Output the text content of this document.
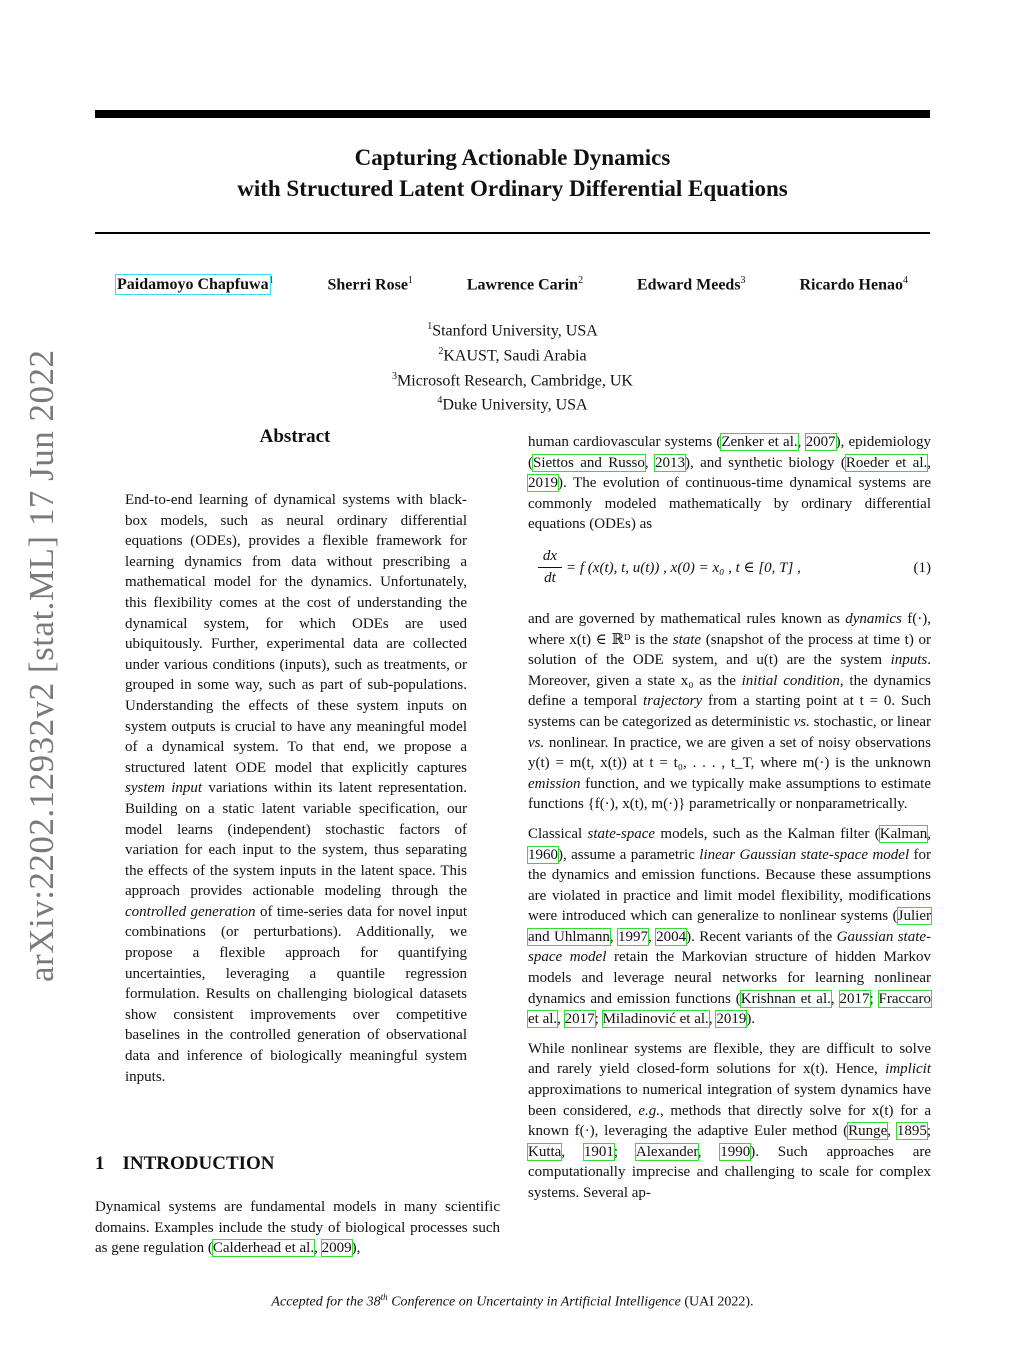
Capturing Actionable Dynamics
with Structured Latent Ordinary Differential Equations
Paidamoyo Chapfuwa$^1$	Sherri Rose$^1$	Lawrence Carin$^2$	Edward Meeds$^3$	Ricardo Henao$^4$
$^1$Stanford University, USA
$^2$KAUST, Saudi Arabia
$^3$Microsoft Research, Cambridge, UK
$^4$Duke University, USA
arXiv:2202.12932v2 [stat.ML] 17 Jun 2022	Abstract
End-to-end learning of dynamical systems with black-box models, such as neural ordinary differential equations (ODEs), provides a flexible framework for learning dynamics from data without prescribing a mathematical model for the dynamics. Unfortunately, this flexibility comes at the cost of understanding the dynamical system, for which ODEs are used ubiquitously. Further, experimental data are collected under various conditions (inputs), such as treatments, or grouped in some way, such as part of sub-populations. Understanding the effects of these system inputs on system outputs is crucial to have any meaningful model of a dynamical system. To that end, we propose a structured latent ODE model that explicitly captures system input variations within its latent representation. Building on a static latent variable specification, our model learns (independent) stochastic factors of variation for each input to the system, thus separating the effects of the system inputs in the latent space. This approach provides actionable modeling through the controlled generation of time-series data for novel input combinations (or perturbations). Additionally, we propose a flexible approach for quantifying uncertainties, leveraging a quantile regression formulation. Results on challenging biological datasets show consistent improvements over competitive baselines in the controlled generation of observational data and inference of biologically meaningful system inputs.
1 INTRODUCTION
Dynamical systems are fundamental models in many scientific domains. Examples include the study of biological processes such as gene regulation (Calderhead et al., 2009),

human cardiovascular systems (Zenker et al., 2007), epidemiology (Siettos and Russo, 2013), and synthetic biology (Roeder et al., 2019). The evolution of continuous-time dynamical systems are commonly modeled mathematically by ordinary differential equations (ODEs) as

dx
dt
= f (x(t), t, u(t)) , x(0) = x₀ , t ∈ [0, T] ,	(1)

and are governed by mathematical rules known as dynamics f(·), where x(t) ∈ ℝᴰ is the state (snapshot of the process at time t) or solution of the ODE system, and u(t) are the system inputs. Moreover, given a state x₀ as the initial condition, the dynamics define a temporal trajectory from a starting point at t = 0. Such systems can be categorized as deterministic vs. stochastic, or linear vs. nonlinear. In practice, we are given a set of noisy observations y(t) = m(t, x(t)) at t = t₀, . . . , t_T, where m(·) is the unknown emission function, and we typically make assumptions to estimate functions {f(·), x(t), m(·)} parametrically or nonparametrically.

Classical state-space models, such as the Kalman filter (Kalman, 1960), assume a parametric linear Gaussian state-space model for the dynamics and emission functions. Because these assumptions are violated in practice and limit model flexibility, modifications were introduced which can generalize to nonlinear systems (Julier and Uhlmann, 1997, 2004). Recent variants of the Gaussian state-space model retain the Markovian structure of hidden Markov models and leverage neural networks for learning nonlinear dynamics and emission functions (Krishnan et al., 2017; Fraccaro et al., 2017; Miladinović et al., 2019).

While nonlinear systems are flexible, they are difficult to solve and rarely yield closed-form solutions for x(t). Hence, implicit approximations to numerical integration of system dynamics have been considered, e.g., methods that directly solve for x(t) for a known f(·), leveraging the adaptive Euler method (Runge, 1895; Kutta, 1901; Alexander, 1990). Such approaches are computationally imprecise and challenging to scale for complex systems. Several ap-

Accepted for the 38th Conference on Uncertainty in Artificial Intelligence (UAI 2022).
